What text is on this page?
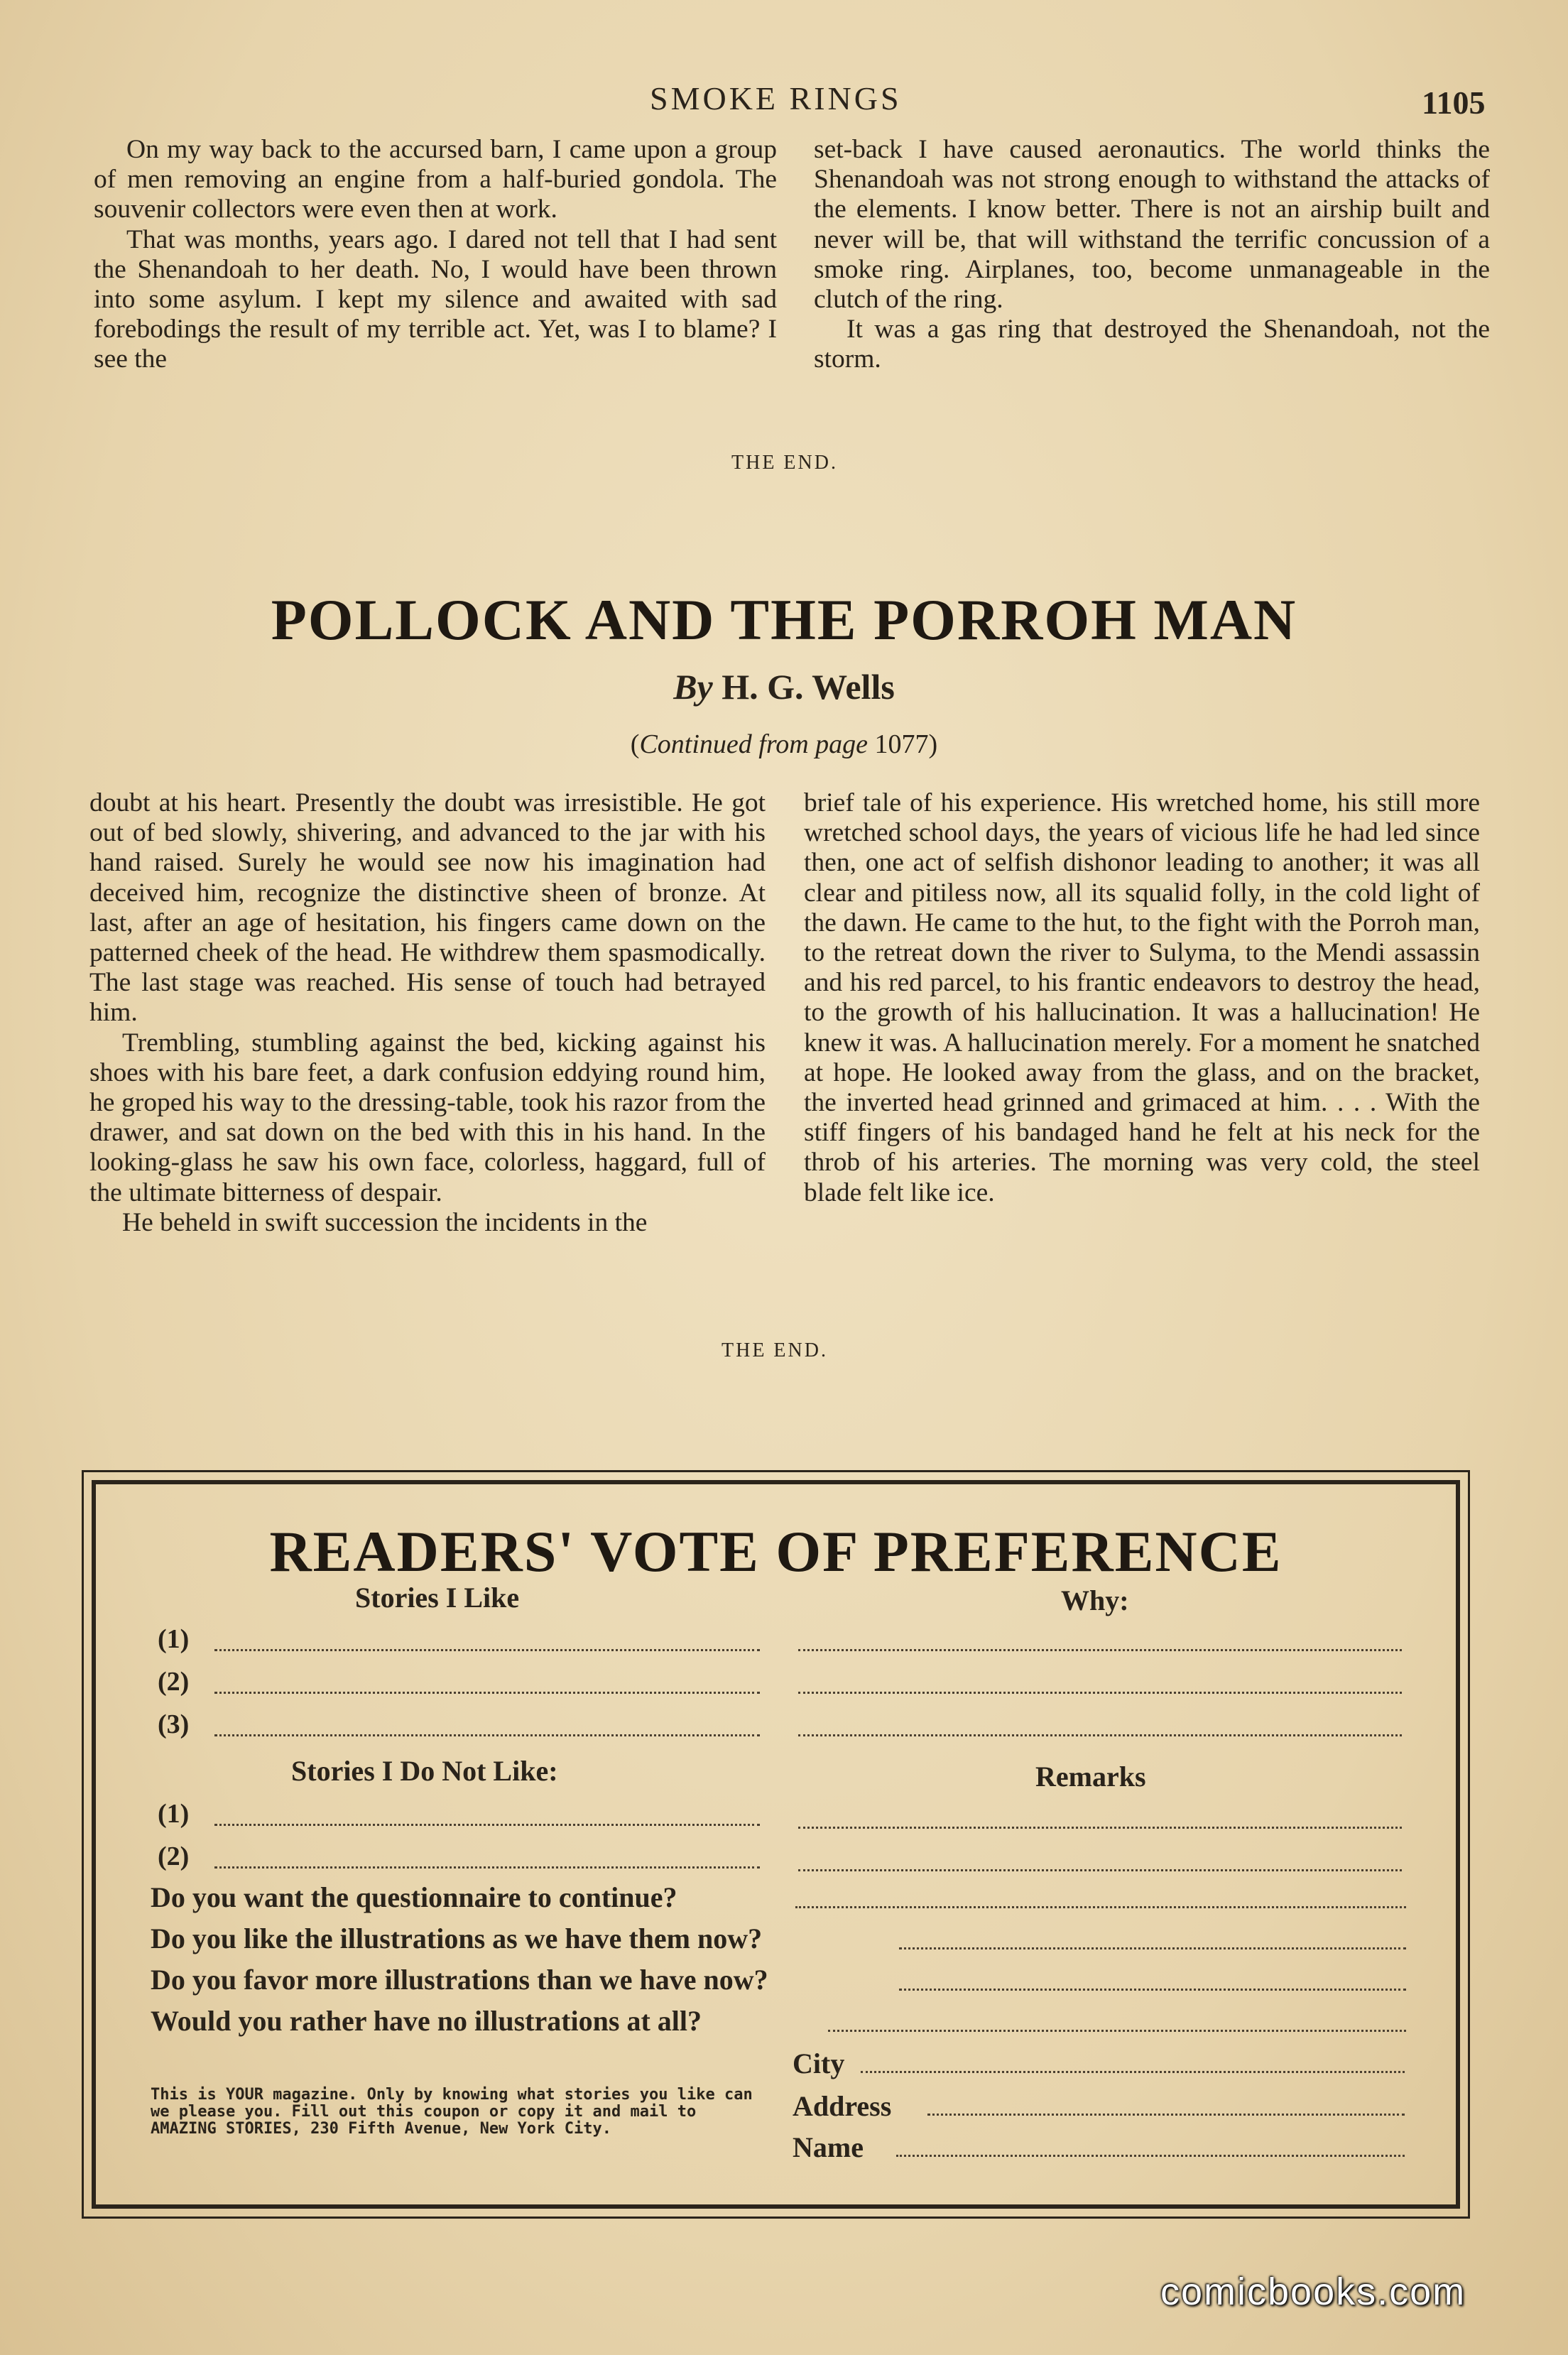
SMOKE RINGS	1105

On my way back to the accursed barn, I came upon a group of men removing an engine from a half-buried gondola. The souvenir collectors were even then at work.

That was months, years ago. I dared not tell that I had sent the Shenandoah to her death. No, I would have been thrown into some asylum. I kept my silence and awaited with sad forebodings the result of my terrible act. Yet, was I to blame? I see the

set-back I have caused aeronautics. The world thinks the Shenandoah was not strong enough to withstand the attacks of the elements. I know better. There is not an airship built and never will be, that will withstand the terrific concussion of a smoke ring. Airplanes, too, become unmanageable in the clutch of the ring.

It was a gas ring that destroyed the Shenandoah, not the storm.

THE END.
POLLOCK AND THE PORROH MAN
By H. G. Wells
(Continued from page 1077)

doubt at his heart. Presently the doubt was irresistible. He got out of bed slowly, shivering, and advanced to the jar with his hand raised. Surely he would see now his imagination had deceived him, recognize the distinctive sheen of bronze. At last, after an age of hesitation, his fingers came down on the patterned cheek of the head. He withdrew them spasmodically. The last stage was reached. His sense of touch had betrayed him.

Trembling, stumbling against the bed, kicking against his shoes with his bare feet, a dark confusion eddying round him, he groped his way to the dressing-table, took his razor from the drawer, and sat down on the bed with this in his hand. In the looking-glass he saw his own face, colorless, haggard, full of the ultimate bitterness of despair.

He beheld in swift succession the incidents in the

brief tale of his experience. His wretched home, his still more wretched school days, the years of vicious life he had led since then, one act of selfish dishonor leading to another; it was all clear and pitiless now, all its squalid folly, in the cold light of the dawn. He came to the hut, to the fight with the Porroh man, to the retreat down the river to Sulyma, to the Mendi assassin and his red parcel, to his frantic endeavors to destroy the head, to the growth of his hallucination. It was a hallucination! He knew it was. A hallucination merely. For a moment he snatched at hope. He looked away from the glass, and on the bracket, the inverted head grinned and grimaced at him. . . . With the stiff fingers of his bandaged hand he felt at his neck for the throb of his arteries. The morning was very cold, the steel blade felt like ice.

THE END.
READERS' VOTE OF PREFERENCE
Stories I Like	Why:
(1)
(2)
(3)
Stories I Do Not Like:	Remarks
(1)
(2)
Do you want the questionnaire to continue?
Do you like the illustrations as we have them now?
Do you favor more illustrations than we have now?
Would you rather have no illustrations at all?
City
Address
Name
This is YOUR magazine. Only by knowing what stories you like can we please you. Fill out this coupon or copy it and mail to AMAZING STORIES, 230 Fifth Avenue, New York City.
comicbooks.com
